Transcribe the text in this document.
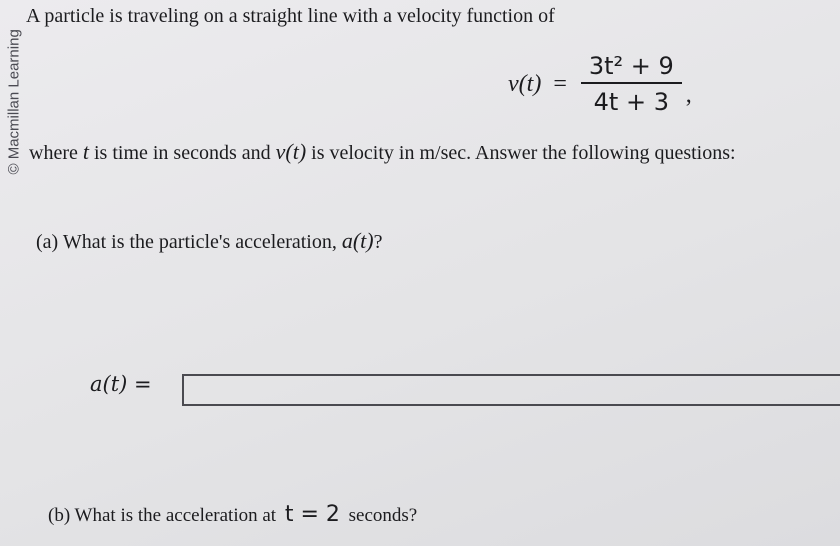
© Macmillan Learning
A particle is traveling on a straight line with a velocity function of
$v(t) = \frac{\text{3t² + 9}}{4t + 3}$ ,
where t is time in seconds and v(t) is velocity in m/sec. Answer the following questions:
(a) What is the particle's acceleration, a(t)?
a(t) =
(b) What is the acceleration at t = 2 seconds?
